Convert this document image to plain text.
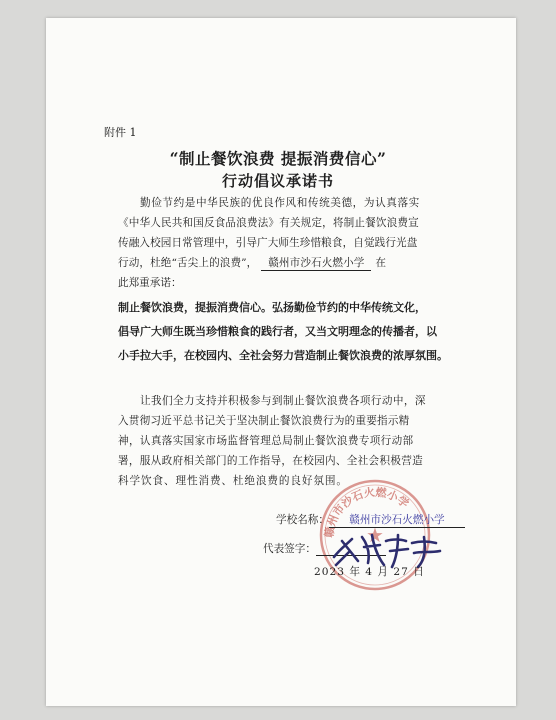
附件 1
“制止餐饮浪费 提振消费信心”
行动倡议承诺书
勤俭节约是中华民族的优良作风和传统美德，为认真落实
《中华人民共和国反食品浪费法》有关规定，将制止餐饮浪费宣
传融入校园日常管理中，引导广大师生珍惜粮食，自觉践行光盘
行动，杜绝“舌尖上的浪费”， 赣州市沙石火燃小学 在
此郑重承诺：
制止餐饮浪费，提振消费信心。弘扬勤俭节约的中华传统文化，
倡导广大师生既当珍惜粮食的践行者，又当文明理念的传播者，以
小手拉大手，在校园内、全社会努力营造制止餐饮浪费的浓厚氛围。
让我们全力支持并积极参与到制止餐饮浪费各项行动中，深
入贯彻习近平总书记关于坚决制止餐饮浪费行为的重要指示精
神，认真落实国家市场监督管理总局制止餐饮浪费专项行动部
署，服从政府相关部门的工作指导，在校园内、全社会积极营造
科学饮食、理性消费、杜绝浪费的良好氛围。
赣州市沙石火燃小学
★
学校名称： 赣州市沙石火燃小学
代表签字：
2023 年 4 月 27 日
